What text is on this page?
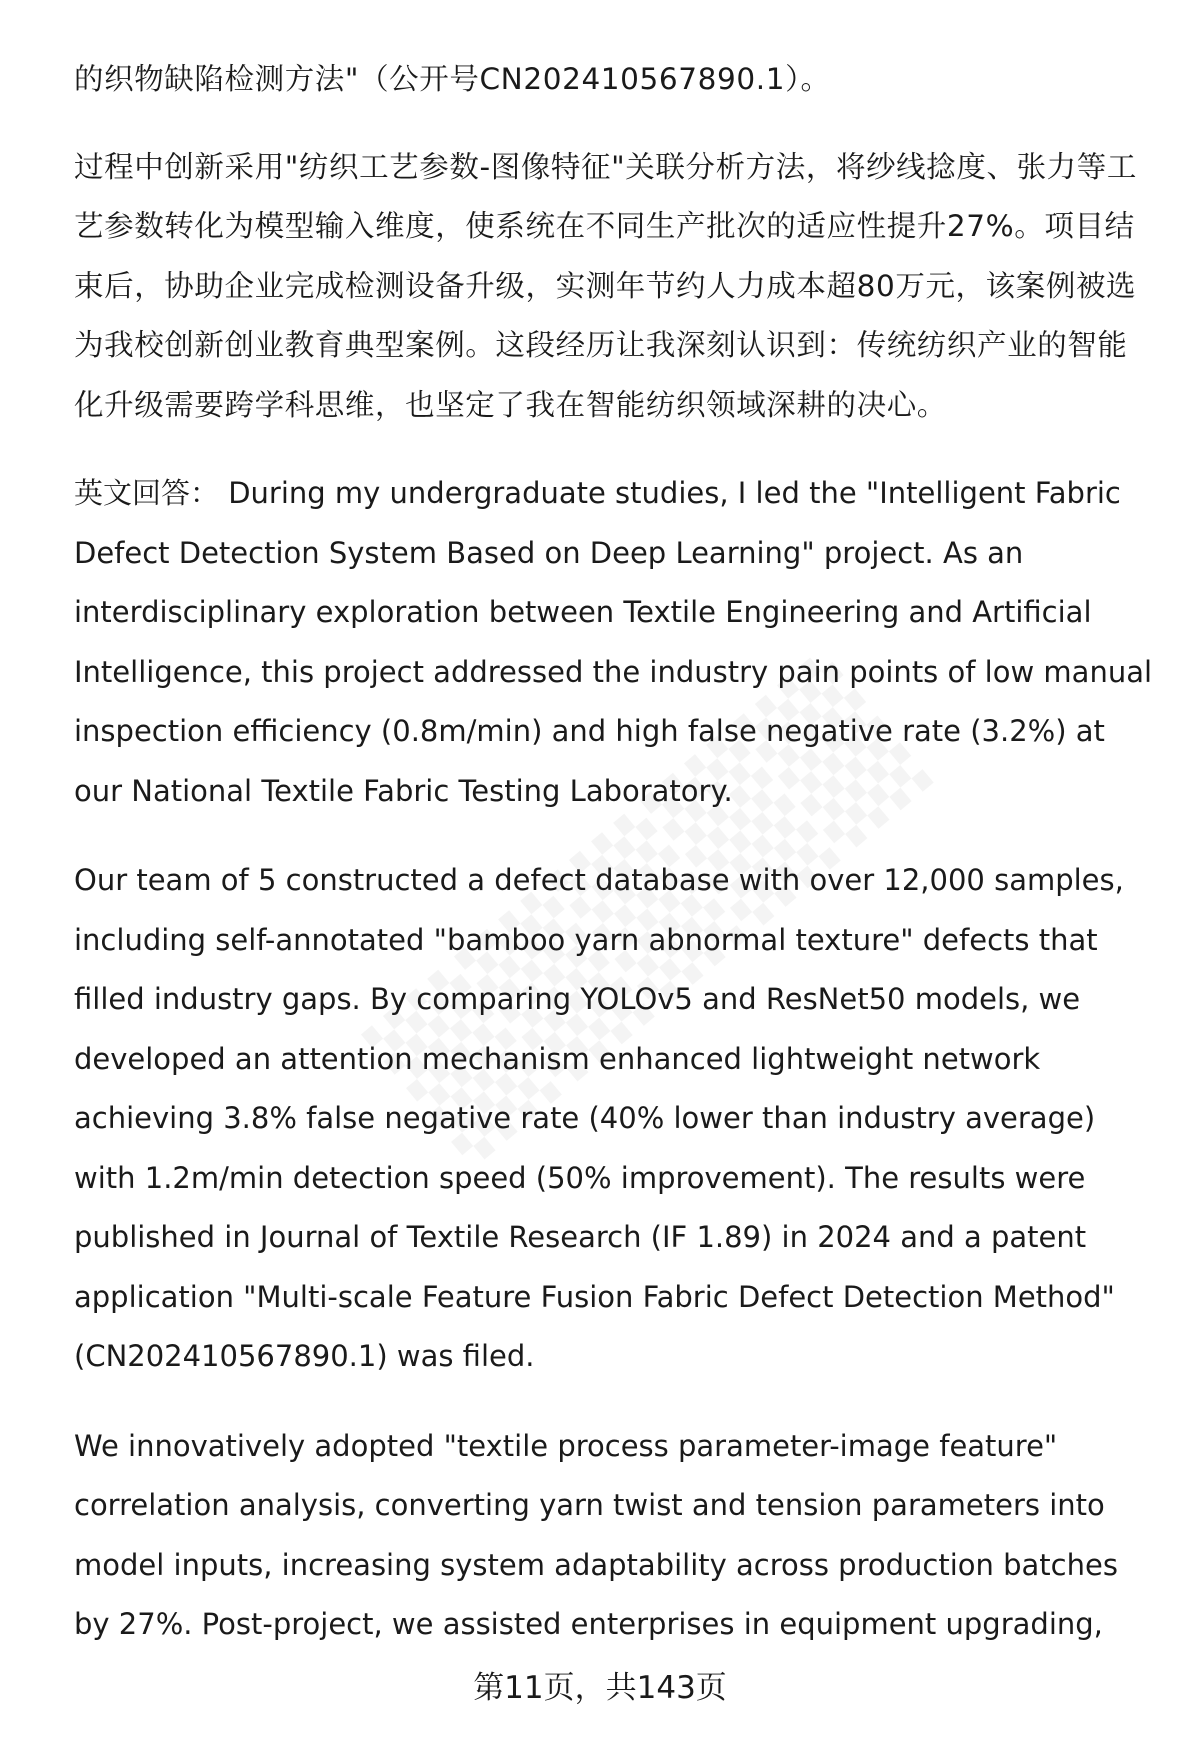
的织物缺陷检测方法"（公开号CN202410567890.1）。

过程中创新采用"纺织工艺参数-图像特征"关联分析方法，将纱线捻度、张力等工艺参数转化为模型输入维度，使系统在不同生产批次的适应性提升27%。项目结束后，协助企业完成检测设备升级，实测年节约人力成本超80万元，该案例被选为我校创新创业教育典型案例。这段经历让我深刻认识到：传统纺织产业的智能化升级需要跨学科思维，也坚定了我在智能纺织领域深耕的决心。

英文回答： During my undergraduate studies, I led the "Intelligent Fabric Defect Detection System Based on Deep Learning" project. As an interdisciplinary exploration between Textile Engineering and Artificial Intelligence, this project addressed the industry pain points of low manual inspection efficiency (0.8m/min) and high false negative rate (3.2%) at our National Textile Fabric Testing Laboratory.

Our team of 5 constructed a defect database with over 12,000 samples, including self-annotated "bamboo yarn abnormal texture" defects that filled industry gaps. By comparing YOLOv5 and ResNet50 models, we developed an attention mechanism enhanced lightweight network achieving 3.8% false negative rate (40% lower than industry average) with 1.2m/min detection speed (50% improvement). The results were published in Journal of Textile Research (IF 1.89) in 2024 and a patent application "Multi-scale Feature Fusion Fabric Defect Detection Method" (CN202410567890.1) was filed.

We innovatively adopted "textile process parameter-image feature" correlation analysis, converting yarn twist and tension parameters into model inputs, increasing system adaptability across production batches by 27%. Post-project, we assisted enterprises in equipment upgrading,

第11页，共143页
